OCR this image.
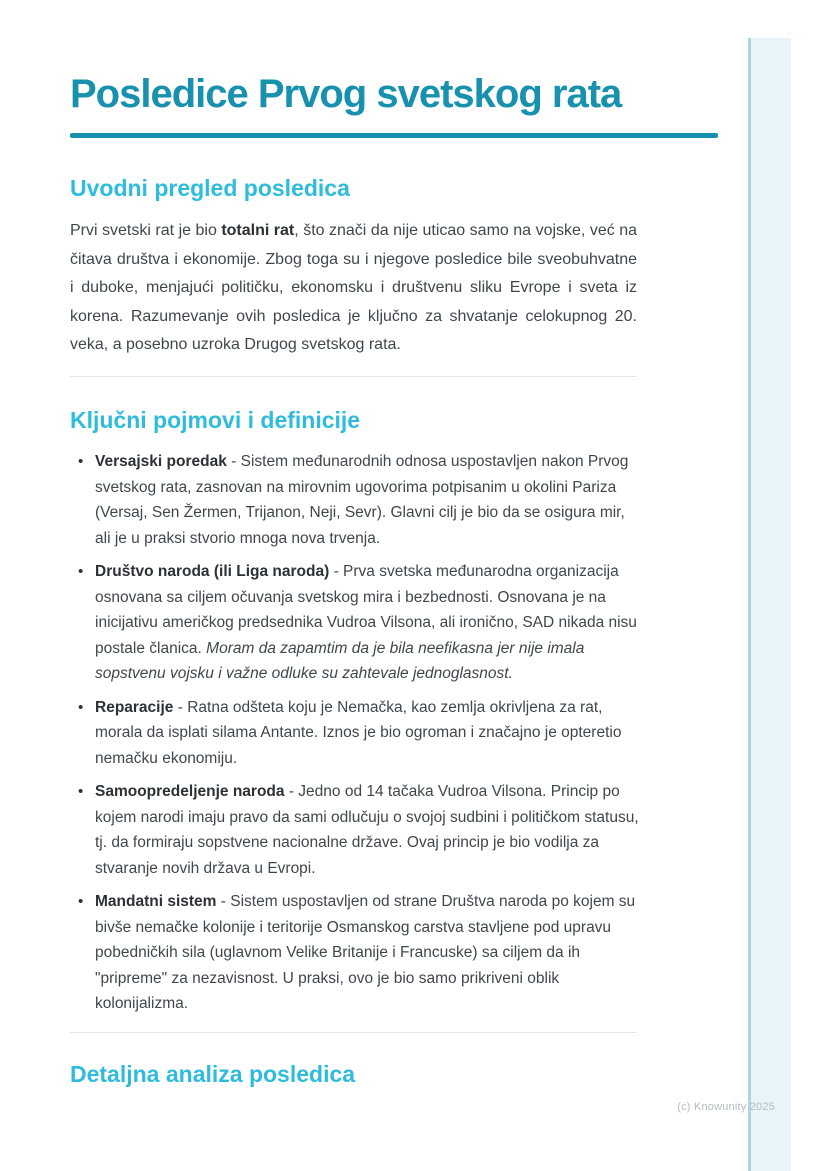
Posledice Prvog svetskog rata
Uvodni pregled posledica

Prvi svetski rat je bio totalni rat, što znači da nije uticao samo na vojske, već na čitava društva i ekonomije. Zbog toga su i njegove posledice bile sveobuhvatne i duboke, menjajući političku, ekonomsku i društvenu sliku Evrope i sveta iz korena. Razumevanje ovih posledica je ključno za shvatanje celokupnog 20. veka, a posebno uzroka Drugog svetskog rata.

Ključni pojmovi i definicije
• Versajski poredak - Sistem međunarodnih odnosa uspostavljen nakon Prvog svetskog rata, zasnovan na mirovnim ugovorima potpisanim u okolini Pariza (Versaj, Sen Žermen, Trijanon, Neji, Sevr). Glavni cilj je bio da se osigura mir, ali je u praksi stvorio mnoga nova trvenja.
• Društvo naroda (ili Liga naroda) - Prva svetska međunarodna organizacija osnovana sa ciljem očuvanja svetskog mira i bezbednosti. Osnovana je na inicijativu američkog predsednika Vudroa Vilsona, ali ironično, SAD nikada nisu postale članica. Moram da zapamtim da je bila neefikasna jer nije imala sopstvenu vojsku i važne odluke su zahtevale jednoglasnost.
• Reparacije - Ratna odšteta koju je Nemačka, kao zemlja okrivljena za rat, morala da isplati silama Antante. Iznos je bio ogroman i značajno je opteretio nemačku ekonomiju.
• Samoopredeljenje naroda - Jedno od 14 tačaka Vudroa Vilsona. Princip po kojem narodi imaju pravo da sami odlučuju o svojoj sudbini i političkom statusu, tj. da formiraju sopstvene nacionalne države. Ovaj princip je bio vodilja za stvaranje novih država u Evropi.
• Mandatni sistem - Sistem uspostavljen od strane Društva naroda po kojem su bivše nemačke kolonije i teritorije Osmanskog carstva stavljene pod upravu pobedničkih sila (uglavnom Velike Britanije i Francuske) sa ciljem da ih "pripreme" za nezavisnost. U praksi, ovo je bio samo prikriveni oblik kolonijalizma.
Detaljna analiza posledica
(c) Knowunity 2025
